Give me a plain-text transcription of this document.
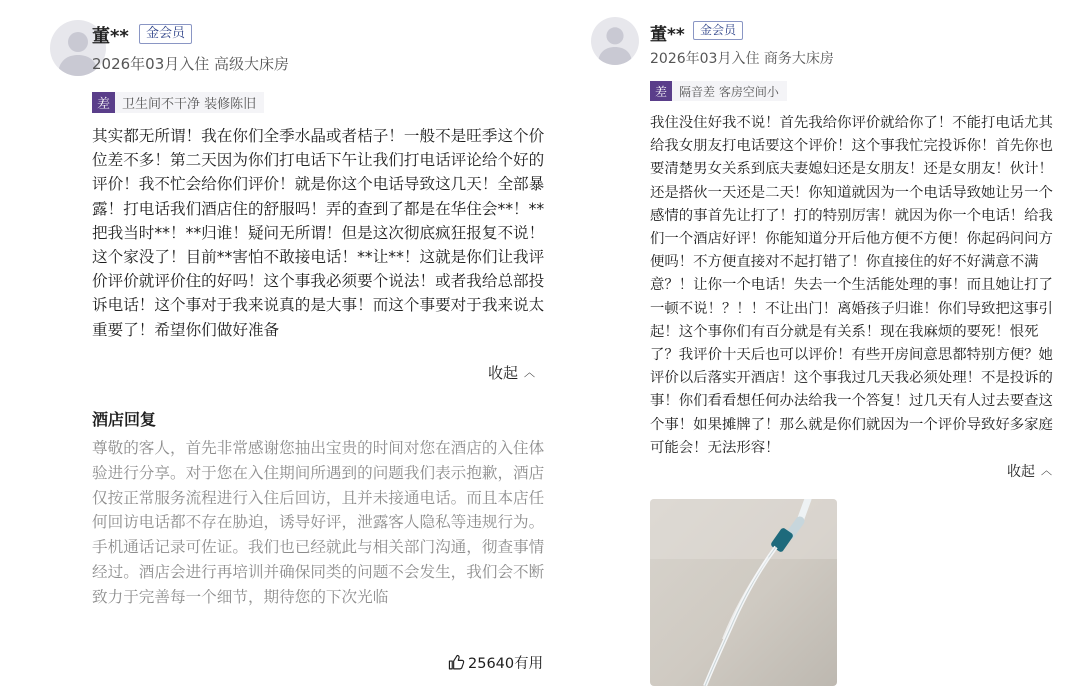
董**	金会员
2026年03月入住 高级大床房
差 卫生间不干净 装修陈旧
其实都无所谓！我在你们全季水晶或者桔子！一般不是旺季这个价位差不多！第二天因为你们打电话下午让我们打电话评论给个好的评价！我不忙会给你们评价！就是你这个电话导致这几天！全部暴露！打电话我们酒店住的舒服吗！弄的查到了都是在华住会**！**把我当时**！**归谁！疑问无所谓！但是这次彻底疯狂报复不说！这个家没了！目前**害怕不敢接电话！**让**！这就是你们让我评价评价就评价住的好吗！这个事我必须要个说法！或者我给总部投诉电话！这个事对于我来说真的是大事！而这个事要对于我来说太重要了！希望你们做好准备
收起 ︿
酒店回复
尊敬的客人，首先非常感谢您抽出宝贵的时间对您在酒店的入住体验进行分享。对于您在入住期间所遇到的问题我们表示抱歉，酒店仅按正常服务流程进行入住后回访，且并未接通电话。而且本店任何回访电话都不存在胁迫，诱导好评，泄露客人隐私等违规行为。手机通话记录可佐证。我们也已经就此与相关部门沟通，彻查事情经过。酒店会进行再培训并确保同类的问题不会发生，我们会不断致力于完善每一个细节，期待您的下次光临
25640有用
董**	金会员
2026年03月入住 商务大床房
差	隔音差 客房空间小
我住没住好我不说！首先我给你评价就给你了！不能打电话尤其给我女朋友打电话要这个评价！这个事我忙完投诉你！首先你也要清楚男女关系到底夫妻媳妇还是女朋友！还是女朋友！伙计！还是搭伙一天还是二天！你知道就因为一个电话导致她让另一个感情的事首先让打了！打的特别厉害！就因为你一个电话！给我们一个酒店好评！你能知道分开后他方便不方便！你起码问问方便吗！不方便直接对不起打错了！你直接住的好不好满意不满意？！让你一个电话！失去一个生活能处理的事！而且她让打了一顿不说！？！！不让出门！离婚孩子归谁！你们导致把这事引起！这个事你们有百分就是有关系！现在我麻烦的要死！恨死了？我评价十天后也可以评价！有些开房间意思都特别方便？她评价以后落实开酒店！这个事我过几天我必须处理！不是投诉的事！你们看看想任何办法给我一个答复！过几天有人过去要查这个事！如果摊牌了！那么就是你们就因为一个评价导致好多家庭可能会！无法形容！
收起 ︿
